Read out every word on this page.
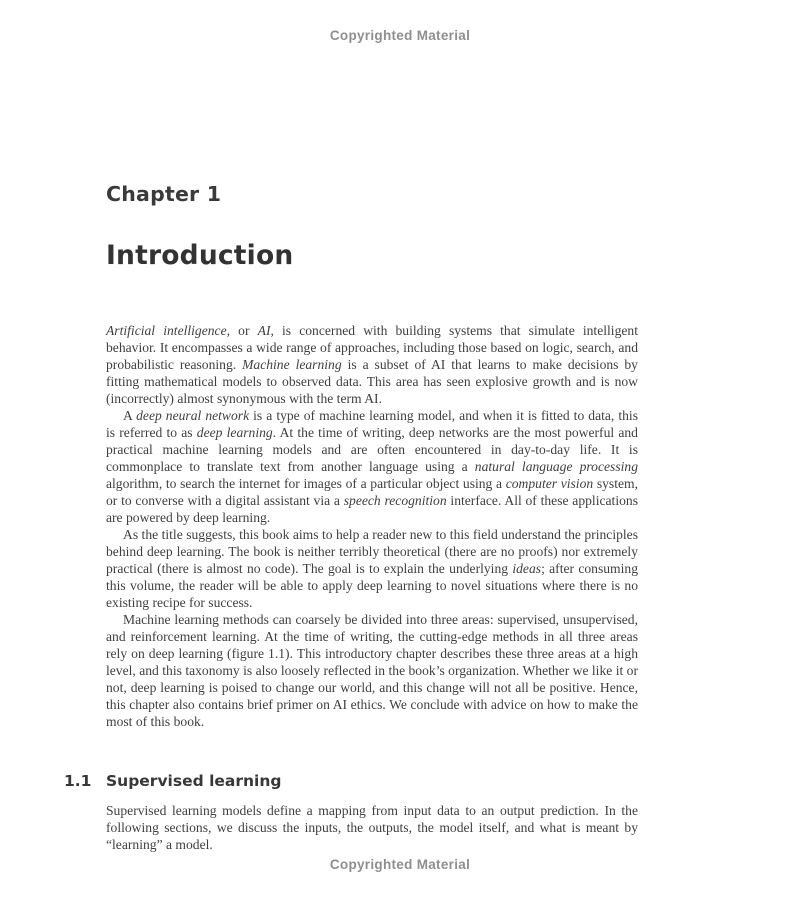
Copyrighted Material
Chapter 1
Introduction

Artificial intelligence, or AI, is concerned with building systems that simulate intelligent behavior. It encompasses a wide range of approaches, including those based on logic, search, and probabilistic reasoning. Machine learning is a subset of AI that learns to make decisions by fitting mathematical models to observed data. This area has seen explosive growth and is now (incorrectly) almost synonymous with the term AI.

A deep neural network is a type of machine learning model, and when it is fitted to data, this is referred to as deep learning. At the time of writing, deep networks are the most powerful and practical machine learning models and are often encountered in day-to-day life. It is commonplace to translate text from another language using a natural language processing algorithm, to search the internet for images of a particular object using a computer vision system, or to converse with a digital assistant via a speech recognition interface. All of these applications are powered by deep learning.

As the title suggests, this book aims to help a reader new to this field understand the principles behind deep learning. The book is neither terribly theoretical (there are no proofs) nor extremely practical (there is almost no code). The goal is to explain the underlying ideas; after consuming this volume, the reader will be able to apply deep learning to novel situations where there is no existing recipe for success.

Machine learning methods can coarsely be divided into three areas: supervised, unsupervised, and reinforcement learning. At the time of writing, the cutting-edge methods in all three areas rely on deep learning (figure 1.1). This introductory chapter describes these three areas at a high level, and this taxonomy is also loosely reflected in the book’s organization. Whether we like it or not, deep learning is poised to change our world, and this change will not all be positive. Hence, this chapter also contains brief primer on AI ethics. We conclude with advice on how to make the most of this book.

1.1 Supervised learning

Supervised learning models define a mapping from input data to an output prediction. In the following sections, we discuss the inputs, the outputs, the model itself, and what is meant by “learning” a model.

Copyrighted Material
